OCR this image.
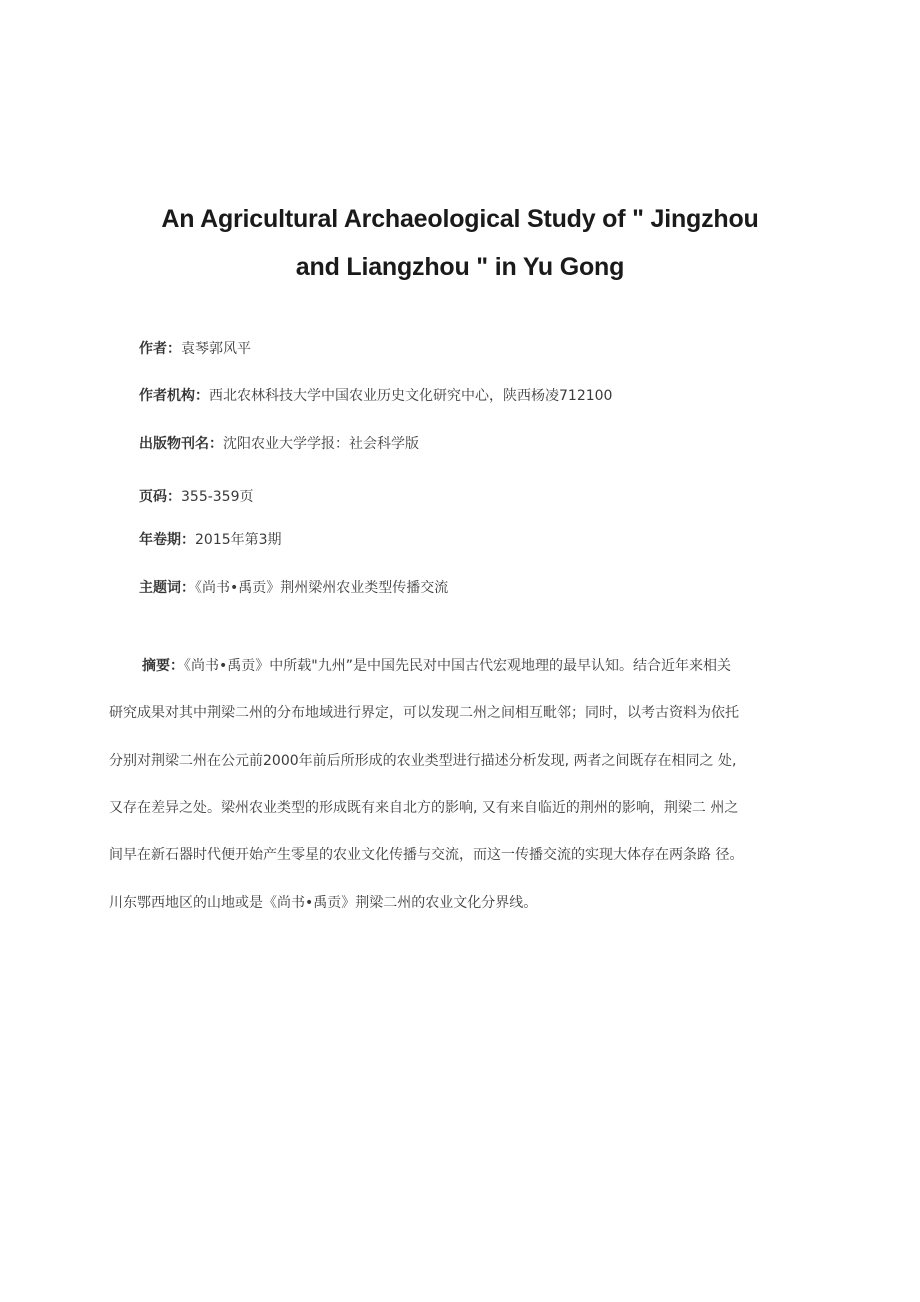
An Agricultural Archaeological Study of " Jingzhou
and Liangzhou " in Yu Gong
作者：袁琴郭风平
作者机构：西北农林科技大学中国农业历史文化研究中心，陕西杨凌712100
出版物刊名：沈阳农业大学学报：社会科学版
页码：355-359页
年卷期：2015年第3期
主题词：《尚书•禹贡》荆州梁州农业类型传播交流
摘要：《尚书•禹贡》中所载"九州”是中国先民对中国古代宏观地理的最早认知。结合近年来相关
研究成果对其中荆梁二州的分布地域进行界定，可以发现二州之间相互毗邻；同时，以考古资料为依托
分别对荆梁二州在公元前2000年前后所形成的农业类型进行描述分析发现, 两者之间既存在相同之 处,
又存在差异之处。梁州农业类型的形成既有来自北方的影响, 又有来自临近的荆州的影响，荆梁二 州之
间早在新石器时代便开始产生零星的农业文化传播与交流，而这一传播交流的实现大体存在两条路 径。
川东鄂西地区的山地或是《尚书•禹贡》荆梁二州的农业文化分界线。
